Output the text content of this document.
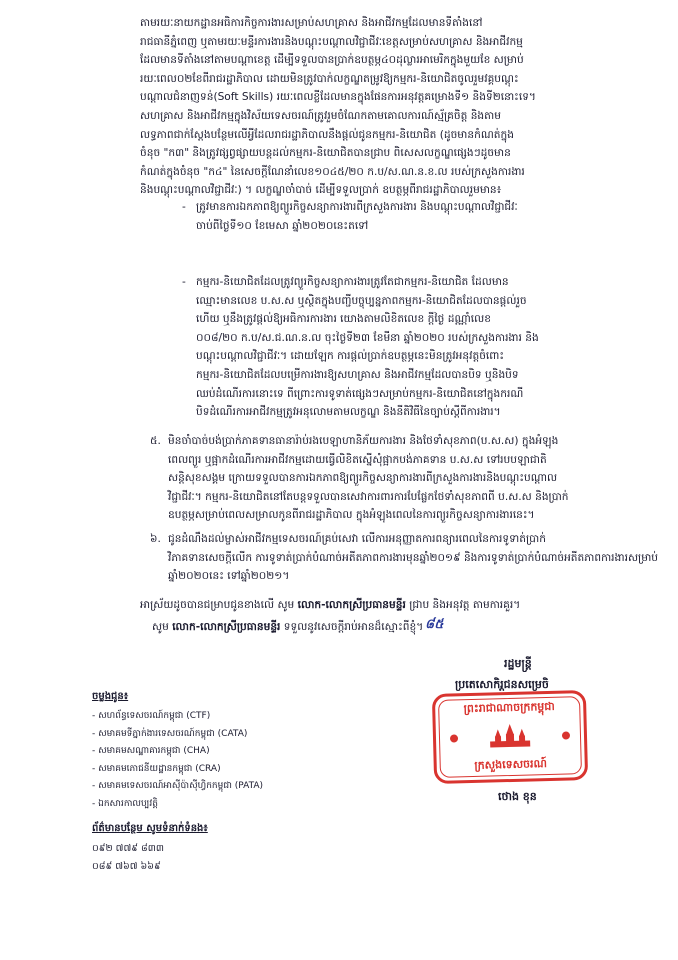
តាមរយៈនាយកដ្ឋានអធិការកិច្ចការងារសម្រាប់សហគ្រាស និងអាជីវកម្មដែលមានទីតាំងនៅ
រាជធានីភ្នំពេញ ឬតាមរយៈមន្ទីរការងារនិងបណ្តុះបណ្តាលវិជ្ជាជីវៈខេត្តសម្រាប់សហគ្រាស និងអាជីវកម្ម
ដែលមានទីតាំងនៅតាមបណ្តាខេត្ត ដើម្បីទទួលបានប្រាក់ឧបត្ថម្ភ៤០ដុល្លារអាមេរិកក្នុងមួយខែ សម្រាប់
រយៈពេល០២ខែពីរាជរដ្ឋាភិបាល ដោយមិនត្រូវបាក់លក្ខណ្ឌតម្រូវឱ្យកម្មករ-និយោជិតចូលរួមវគ្គបណ្តុះ
បណ្តាលជំនាញទន់(Soft Skills) រយៈពេលខ្លីដែលមានក្នុងផែនការអនុវត្តគម្រោងទី១ និងទី២នោះទេ។
សហគ្រាស និងអាជីវកម្មក្នុងវិស័យទេសចរណ៍ត្រូវរួមចំណែកតាមគោលការណ៍ស្ម័គ្រចិត្ត និងតាម
លទ្ធភាពជាក់ស្តែងបន្ថែមលើអ្វីដែលរាជរដ្ឋាភិបាលនឹងផ្តល់ជូនកម្មករ-និយោជិត (ដូចមានកំណត់ក្នុង
ចំនុច "ក៣" និងត្រូវផ្សព្វផ្សាយបន្តដល់កម្មករ-និយោជិតបានជ្រាប ពិសេសលក្ខណ្ឌផ្សេងៗដូចមាន
កំណត់ក្នុងចំនុច "ក៤" នៃសេចក្តីណែនាំលេខ១០៤៥/២០ ក.ប/ស.ណ.ន.ខ.ល របស់ក្រសួងការងារ
និងបណ្តុះបណ្តាលវិជ្ជាជីវៈ) ។ លក្ខណ្ឌចាំបាច់ ដើម្បីទទួលប្រាក់ ឧបត្ថម្ភពីរាជរដ្ឋាភិបាលរួមមាន៖
- ត្រូវមានការឯកភាពឱ្យព្យួរកិច្ចសន្យាការងារពីក្រសួងការងារ និងបណ្តុះបណ្តាលវិជ្ជាជីវៈ
ចាប់ពីថ្ងៃទី១០ ខែមេសា ឆ្នាំ២០២០នេះតទៅ
- កម្មករ-និយោជិតដែលត្រូវព្យួរកិច្ចសន្យាការងារត្រូវតែជាកម្មករ-និយោជិត ដែលមាន
ឈ្មោះមានលេខ ប.ស.ស ឬស្ថិតក្នុងបញ្ជីបច្ចុប្បន្នភាពកម្មករ-និយោជិតដែលបានផ្តល់រួច
ហើយ ឬនឹងត្រូវផ្តល់ឱ្យអធិការការងារ យោងតាមលិខិតលេខ ក្តីថ្ងៃ ដណ្ណាំលេខ
០០៨/២០ ក.ប/ស.ជ.ណ.ន.ល ចុះថ្ងៃទី២៣ ខែមីនា ឆ្នាំ២០២០ របស់ក្រសួងការងារ និង
បណ្តុះបណ្តាលវិជ្ជាជីវៈ។ ដោយឡែក ការផ្តល់ប្រាក់ឧបត្ថម្ភនេះមិនត្រូវអនុវត្តចំពោះ
កម្មករ-និយោជិតដែលបម្រើការងារឱ្យសហគ្រាស និងអាជីវកម្មដែលបានបិទ ឬនិងបិទ
ឈប់ដំណើរការនោះទេ ពីព្រោះការទូទាត់ផ្សេងៗសម្រាប់កម្មករ-និយោជិតនៅក្នុងករណី
បិទដំណើរការអាជីវកម្មត្រូវអនុលោមតាមលក្ខណ្ឌ និងនីតិវិធីនៃច្បាប់ស្តីពីការងារ។
៥. មិនចាំបាច់បង់ប្រាក់ភាគទានធានារ៉ាប់រងបេឡាហានិភ័យការងារ និងថែទាំសុខភាព(ប.ស.ស) ក្នុងអំឡុង
ពេលព្យួរ ឬផ្អាកដំណើរការអាជីវកម្មដោយធ្វើលិខិតស្នើសុំផ្អាកបង់ភាគទាន ប.ស.ស ទៅរបបឡាជាតិ
សន្តិសុខសង្គម ក្រោយទទួលបានការឯកភាពឱ្យព្យួរកិច្ចសន្យាការងារពីក្រសួងការងារនិងបណ្តុះបណ្តាល
វិជ្ជាជីវៈ។ កម្មករ-និយោជិតនៅតែបន្តទទួលបានសេវាការពារការបែផ្លែកថែទាំសុខភាពពី ប.ស.ស និងប្រាក់
ឧបត្ថម្ភសម្រាប់ពេលសម្រាលកូនពីរាជរដ្ឋាភិបាល ក្នុងអំឡុងពេលនៃការព្យួរកិច្ចសន្យាការងារនេះ។
៦. ជូនដំណឹងដល់ម្ចាស់អាជីវកម្មទេសចរណ៍គ្រប់សេវា លើការអនុញ្ញាតការពន្យារពេលនៃការទូទាត់ប្រាក់
វិភាគទានសេចក្តីលើក ការទូទាត់ប្រាក់បំណាច់អតីតភាពការងារមុនឆ្នាំ២០១៩ និងការទូទាត់ប្រាក់បំណាច់អតីតភាពការងារសម្រាប់
ឆ្នាំ២០២០នេះ ទៅឆ្នាំ២០២១។
អាស្រ័យដូចបានជម្រាបជូនខាងលើ សូម លោក-លោកស្រីប្រធានមន្ទីរ ជ្រាប និងអនុវត្ត តាមការគួរ។
សូម លោក-លោកស្រីប្រធានមន្ទីរ ទទួលនូវសេចក្តីរាប់អានដ៏ស្មោះពីខ្ញុំ។ ៨៥
រដ្ឋមន្ត្រី
ប្រតេសោកិរ្តជនសម្រេចិ
ព្រះរាជាណាចក្រកម្ពុជា
ក្រសួងទេសចរណ៍
ថោង ខុន
ចម្លងជូន៖
- សហព័ន្ធទេសចរណ៍កម្ពុជា (CTF)
- សមាគមទីភ្នាក់ងារទេសចរណ៍កម្ពុជា (CATA)
- សមាគមសណ្ឋាគារកម្ពុជា (CHA)
- សមាគមភោជនីយដ្ឋានកម្ពុជា (CRA)
- សមាគមទេសចរណ៍អាស៊ីប៉ាស៊ីហ្វិកកម្ពុជា (PATA)
- ឯកសារកាលប្បវត្តិ
ព័ត៌មានបន្ថែម សូមទំនាក់ទំនង៖
០៩២ ៧៧៩ ៨៣៣
០៨៩ ៧៦៧ ៦៦៩
